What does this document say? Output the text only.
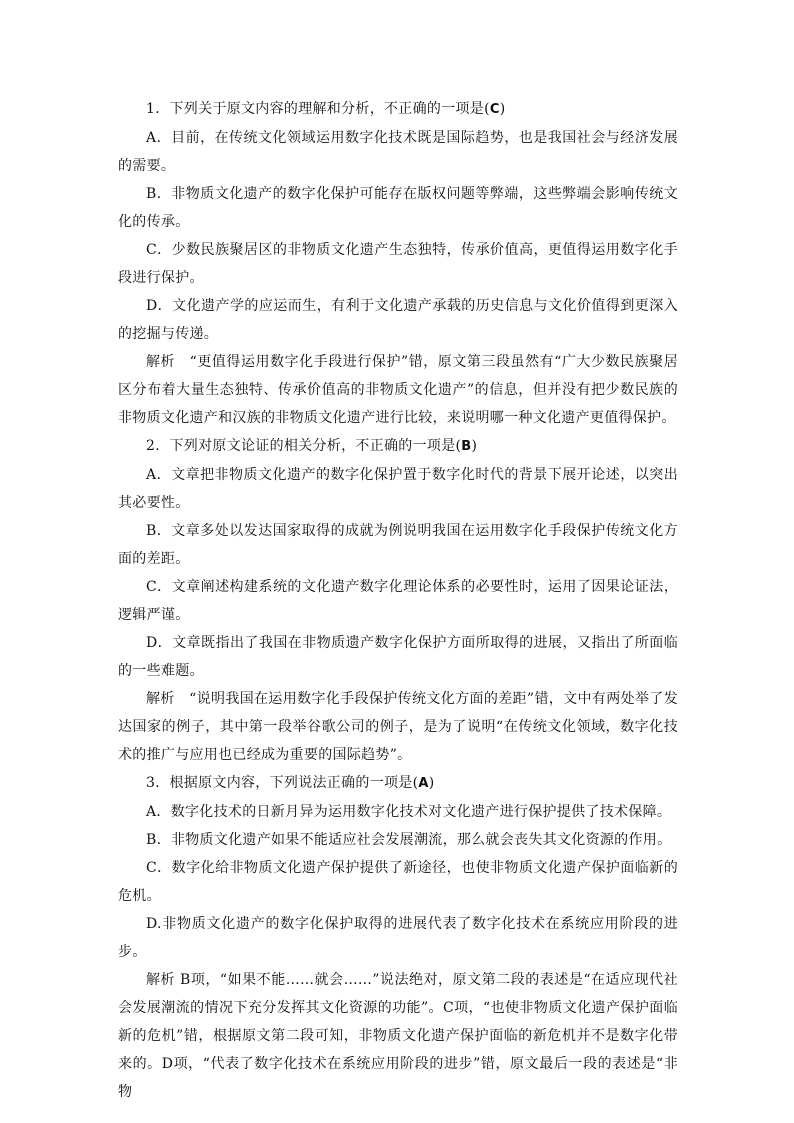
1．下列关于原文内容的理解和分析，不正确的一项是(C)

A．目前，在传统文化领域运用数字化技术既是国际趋势，也是我国社会与经济发展的需要。

B．非物质文化遗产的数字化保护可能存在版权问题等弊端，这些弊端会影响传统文化的传承。

C．少数民族聚居区的非物质文化遗产生态独特，传承价值高，更值得运用数字化手段进行保护。

D．文化遗产学的应运而生，有利于文化遗产承载的历史信息与文化价值得到更深入的挖掘与传递。

解析　“更值得运用数字化手段进行保护”错，原文第三段虽然有“广大少数民族聚居区分布着大量生态独特、传承价值高的非物质文化遗产”的信息，但并没有把少数民族的非物质文化遗产和汉族的非物质文化遗产进行比较，来说明哪一种文化遗产更值得保护。

2．下列对原文论证的相关分析，不正确的一项是(B)

A．文章把非物质文化遗产的数字化保护置于数字化时代的背景下展开论述，以突出其必要性。

B．文章多处以发达国家取得的成就为例说明我国在运用数字化手段保护传统文化方面的差距。

C．文章阐述构建系统的文化遗产数字化理论体系的必要性时，运用了因果论证法，逻辑严谨。

D．文章既指出了我国在非物质遗产数字化保护方面所取得的进展，又指出了所面临的一些难题。

解析　“说明我国在运用数字化手段保护传统文化方面的差距”错，文中有两处举了发达国家的例子，其中第一段举谷歌公司的例子，是为了说明“在传统文化领域，数字化技术的推广与应用也已经成为重要的国际趋势”。

3．根据原文内容，下列说法正确的一项是(A)

A．数字化技术的日新月异为运用数字化技术对文化遗产进行保护提供了技术保障。

B．非物质文化遗产如果不能适应社会发展潮流，那么就会丧失其文化资源的作用。

C．数字化给非物质文化遗产保护提供了新途径，也使非物质文化遗产保护面临新的危机。

D.非物质文化遗产的数字化保护取得的进展代表了数字化技术在系统应用阶段的进步。

解析 B项，“如果不能……就会……”说法绝对，原文第二段的表述是“在适应现代社会发展潮流的情况下充分发挥其文化资源的功能”。C项，“也使非物质文化遗产保护面临新的危机”错，根据原文第二段可知，非物质文化遗产保护面临的新危机并不是数字化带来的。D项，“代表了数字化技术在系统应用阶段的进步”错，原文最后一段的表述是“非物
